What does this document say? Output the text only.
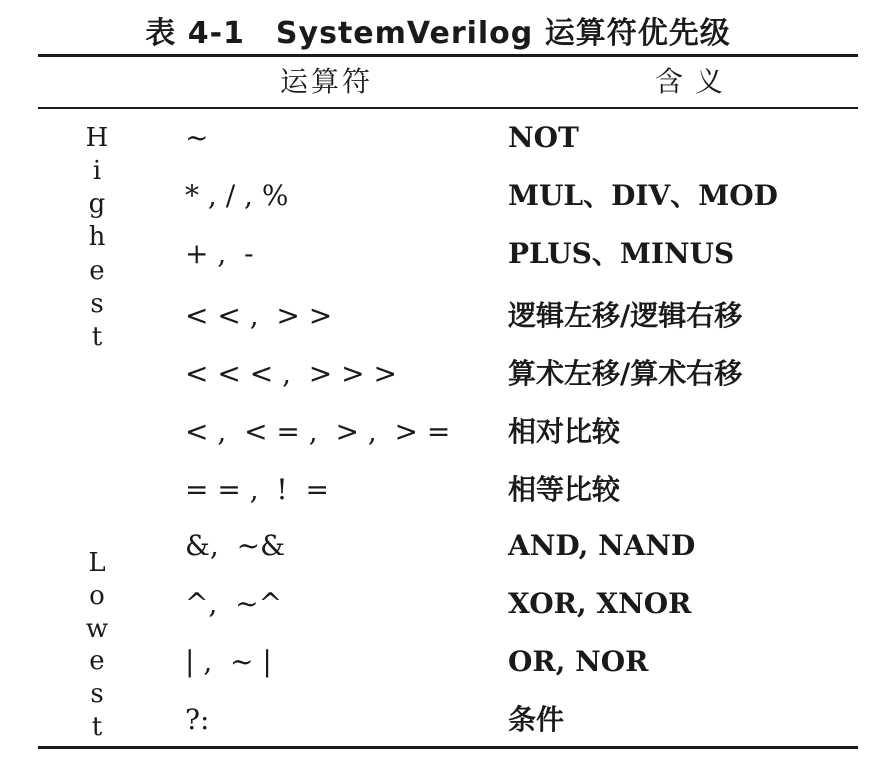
表 4-1　SystemVerilog 运算符优先级
运算符	含义
H
i
g
h
e
s
t
L
o
w
e
s
t
~	NOT
* , / , %	MUL、DIV、MOD
+ ,  -	PLUS、MINUS
< < ,  > >	逻辑左移/逻辑右移
< < < ,  > > >	算术左移/算术右移
< ,  < = ,  > ,  > = 相对比较
= = ,  !  =	相等比较
&,  ~&	AND, NAND
^,  ~^	XOR, XNOR
| ,  ~ |	OR, NOR
?:	条件
